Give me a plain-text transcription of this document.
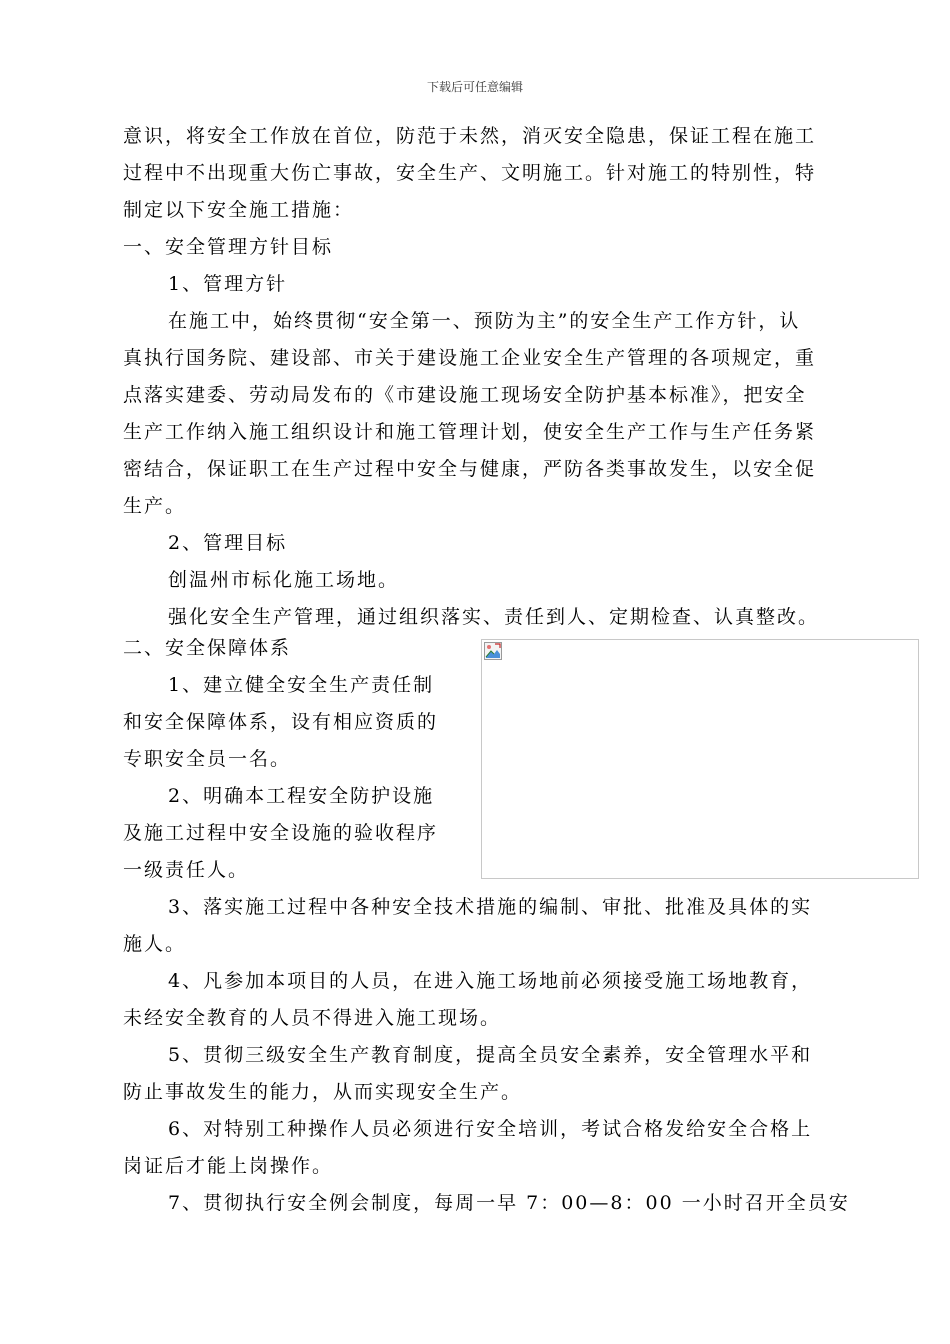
下载后可任意编辑
意识，将安全工作放在首位，防范于未然，消灭安全隐患，保证工程在施工
过程中不出现重大伤亡事故，安全生产、文明施工。针对施工的特别性，特
制定以下安全施工措施：
一、安全管理方针目标
1、管理方针
在施工中，始终贯彻“安全第一、预防为主”的安全生产工作方针，认
真执行国务院、建设部、市关于建设施工企业安全生产管理的各项规定，重
点落实建委、劳动局发布的《市建设施工现场安全防护基本标准》，把安全
生产工作纳入施工组织设计和施工管理计划，使安全生产工作与生产任务紧
密结合，保证职工在生产过程中安全与健康，严防各类事故发生，以安全促
生产。
2、管理目标
创温州市标化施工场地。
强化安全生产管理，通过组织落实、责任到人、定期检查、认真整改。
二、安全保障体系
1、建立健全安全生产责任制
和安全保障体系，设有相应资质的
专职安全员一名。
2、明确本工程安全防护设施
及施工过程中安全设施的验收程序
一级责任人。
3、落实施工过程中各种安全技术措施的编制、审批、批准及具体的实
施人。
4、凡参加本项目的人员，在进入施工场地前必须接受施工场地教育，
未经安全教育的人员不得进入施工现场。
5、贯彻三级安全生产教育制度，提高全员安全素养，安全管理水平和
防止事故发生的能力，从而实现安全生产。
6、对特别工种操作人员必须进行安全培训，考试合格发给安全合格上
岗证后才能上岗操作。
7、贯彻执行安全例会制度，每周一早 7：00—8：00 一小时召开全员安
